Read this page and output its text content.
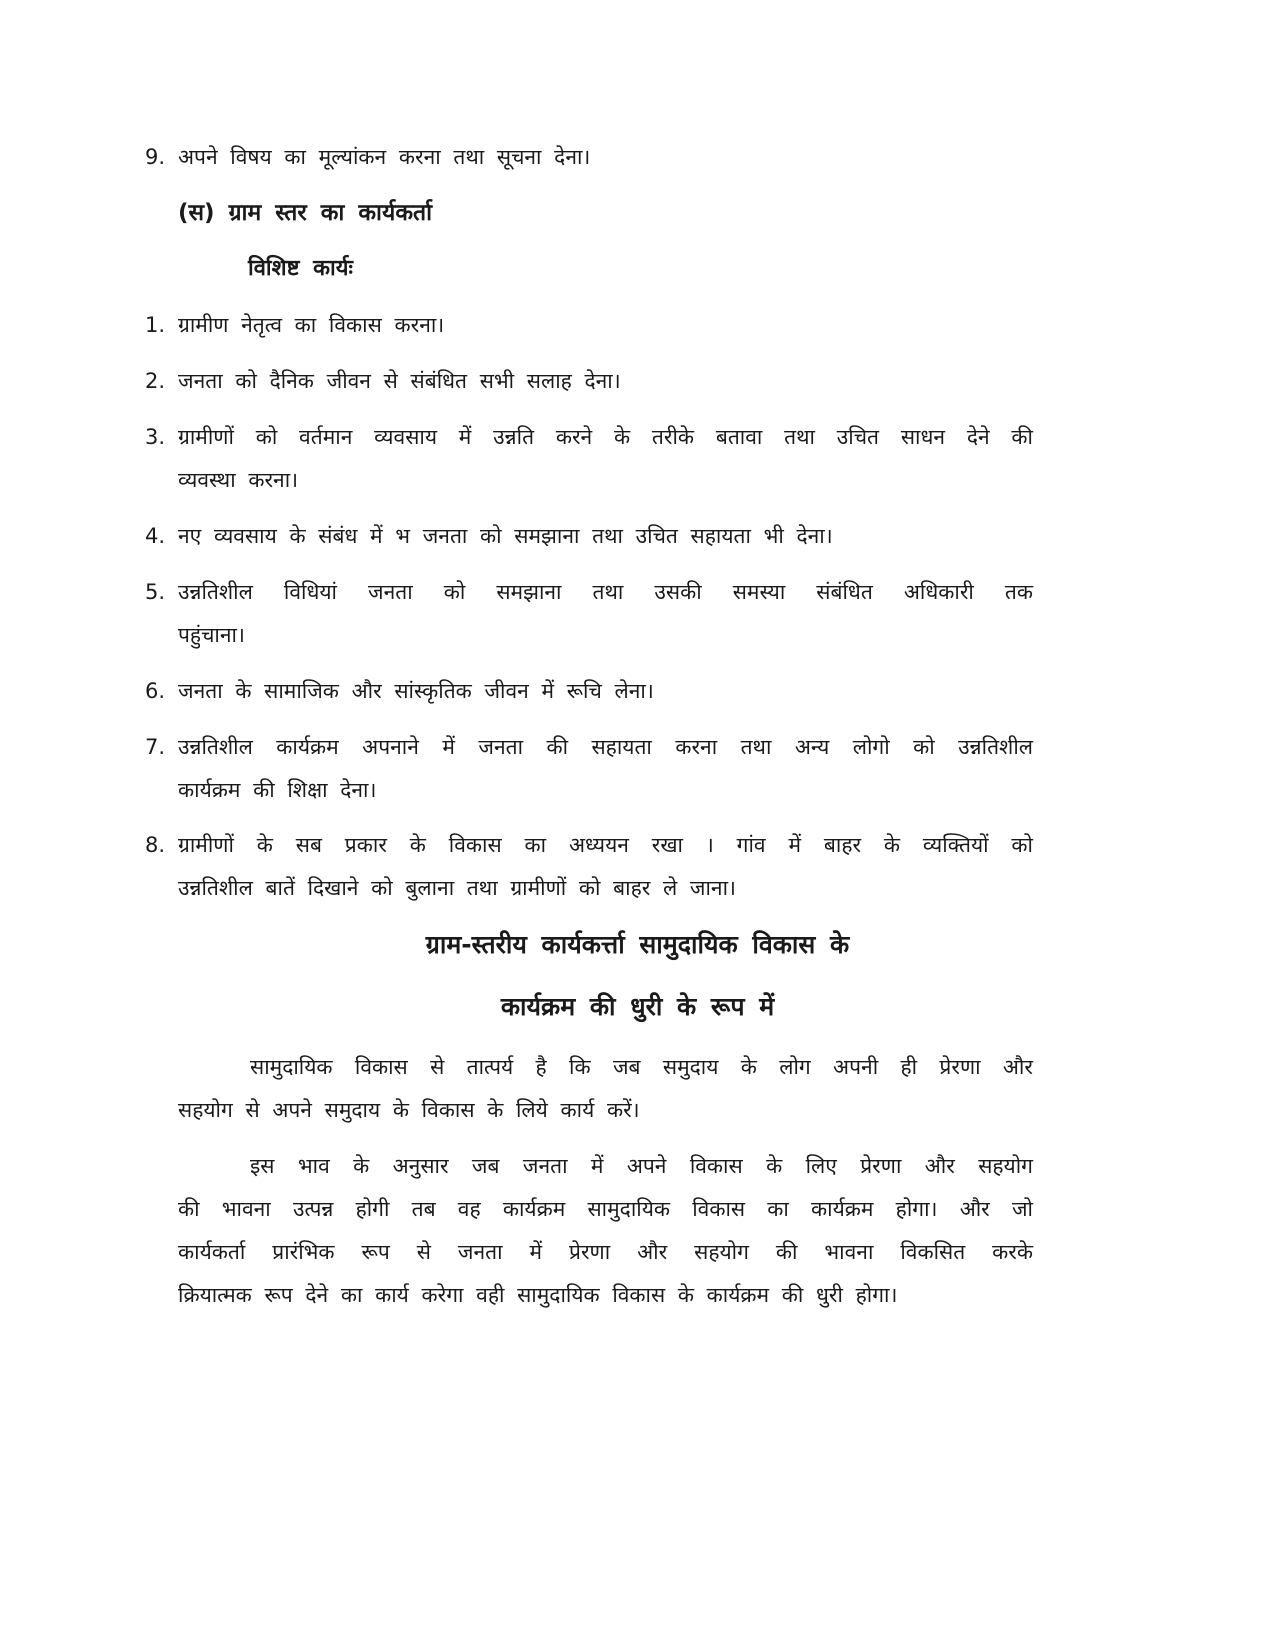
9. अपने विषय का मूल्यांकन करना तथा सूचना देना।
(स) ग्राम स्तर का कार्यकर्ता
विशिष्ट कार्यः
1. ग्रामीण नेतृत्व का विकास करना।
2. जनता को दैनिक जीवन से संबंधित सभी सलाह देना।
3. ग्रामीणों को वर्तमान व्यवसाय में उन्नति करने के तरीके बतावा तथा उचित साधन देने की
व्यवस्था करना।
4. नए व्यवसाय के संबंध में भ जनता को समझाना तथा उचित सहायता भी देना।
5. उन्नतिशील विधियां जनता को समझाना तथा उसकी समस्या संबंधित अधिकारी तक
पहुंचाना।
6. जनता के सामाजिक और सांस्कृतिक जीवन में रूचि लेना।
7. उन्नतिशील कार्यक्रम अपनाने में जनता की सहायता करना तथा अन्य लोगो को उन्नतिशील
कार्यक्रम की शिक्षा देना।
8. ग्रामीणों के सब प्रकार के विकास का अध्ययन रखा । गांव में बाहर के व्यक्तियों को
उन्नतिशील बातें दिखाने को बुलाना तथा ग्रामीणों को बाहर ले जाना।
ग्राम-स्तरीय कार्यकर्त्ता सामुदायिक विकास के
कार्यक्रम की धुरी के रूप में
सामुदायिक विकास से तात्पर्य है कि जब समुदाय के लोग अपनी ही प्रेरणा और
सहयोग से अपने समुदाय के विकास के लिये कार्य करें।
इस भाव के अनुसार जब जनता में अपने विकास के लिए प्रेरणा और सहयोग
की भावना उत्पन्न होगी तब वह कार्यक्रम सामुदायिक विकास का कार्यक्रम होगा। और जो
कार्यकर्ता प्रारंभिक रूप से जनता में प्रेरणा और सहयोग की भावना विकसित करके
क्रियात्मक रूप देने का कार्य करेगा वही सामुदायिक विकास के कार्यक्रम की धुरी होगा।
